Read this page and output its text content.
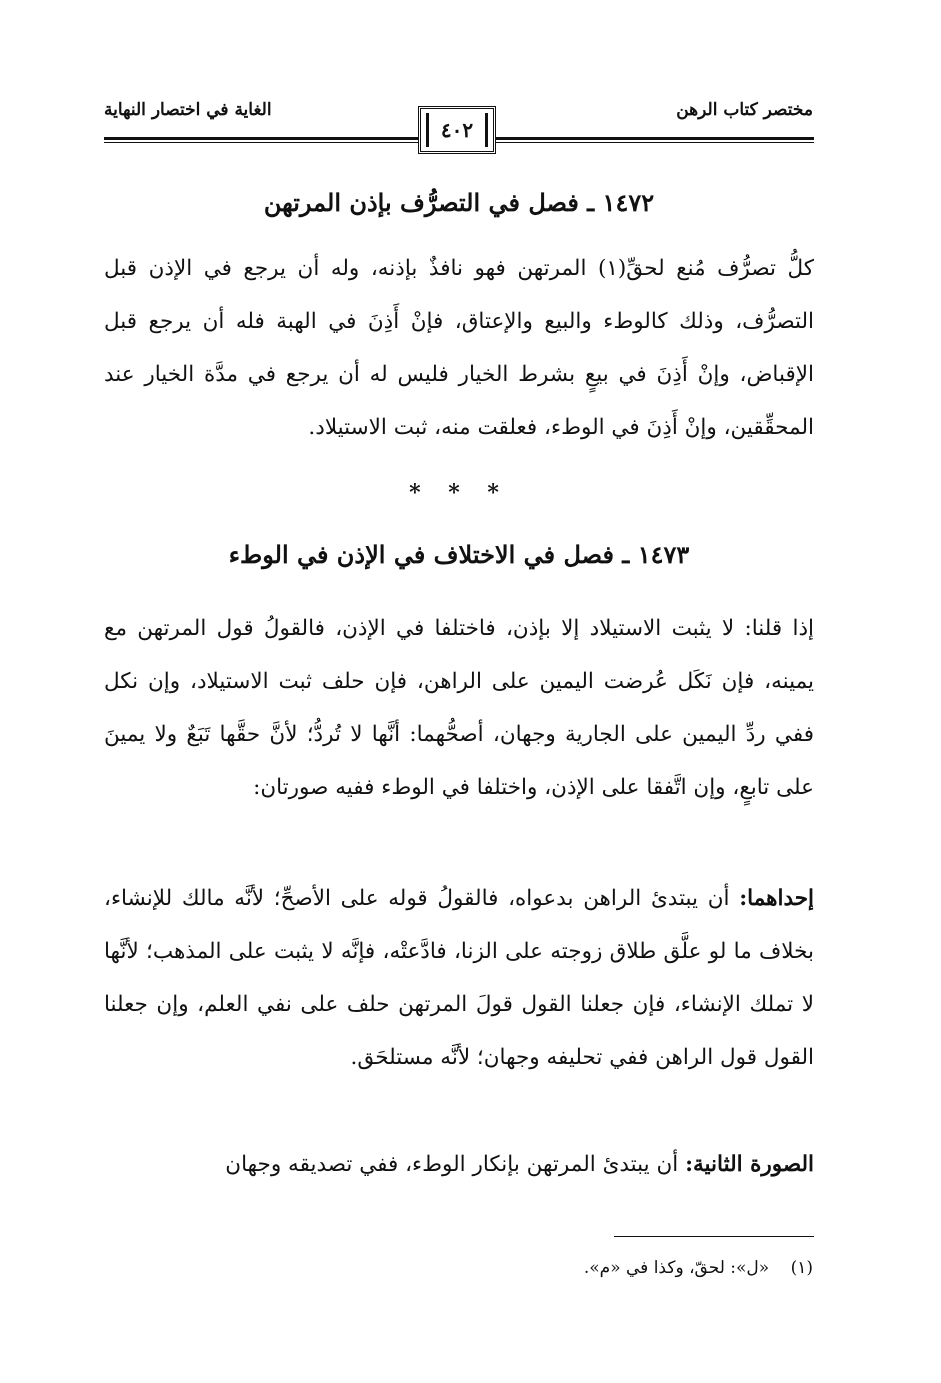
مختصر كتاب الرهن
الغاية في اختصار النهاية
٤٠٢
١٤٧٢ ـ فصل في التصرُّف بإذن المرتهن
كلُّ تصرُّف مُنع لحقِّ(١) المرتهن فهو نافذٌ بإذنه، وله أن يرجع في الإذن قبل التصرُّف، وذلك كالوطء والبيع والإعتاق، فإنْ أَذِنَ في الهبة فله أن يرجع قبل الإقباض، وإنْ أَذِنَ في بيعٍ بشرط الخيار فليس له أن يرجع في مدَّة الخيار عند المحقِّقين، وإنْ أَذِنَ في الوطء، فعلقت منه، ثبت الاستيلاد.
* * *
١٤٧٣ ـ فصل في الاختلاف في الإذن في الوطء
إذا قلنا: لا يثبت الاستيلاد إلا بإذن، فاختلفا في الإذن، فالقولُ قول المرتهن مع يمينه، فإن نَكَل عُرضت اليمين على الراهن، فإن حلف ثبت الاستيلاد، وإن نكل ففي ردِّ اليمين على الجارية وجهان، أصحُّهما: أنَّها لا تُردُّ؛ لأنَّ حقَّها تَبَعٌ ولا يمينَ على تابعٍ، وإن اتَّفقا على الإذن، واختلفا في الوطء ففيه صورتان:
إحداهما: أن يبتدئ الراهن بدعواه، فالقولُ قوله على الأصحِّ؛ لأنَّه مالك للإنشاء، بخلاف ما لو علَّق طلاق زوجته على الزنا، فادَّعتْه، فإنَّه لا يثبت على المذهب؛ لأنَّها لا تملك الإنشاء، فإن جعلنا القول قولَ المرتهن حلف على نفي العلم، وإن جعلنا القول قول الراهن ففي تحليفه وجهان؛ لأنَّه مستلحَق.
الصورة الثانية: أن يبتدئ المرتهن بإنكار الوطء، ففي تصديقه وجهان
(١) «ل»: لحقّ، وكذا في «م».
